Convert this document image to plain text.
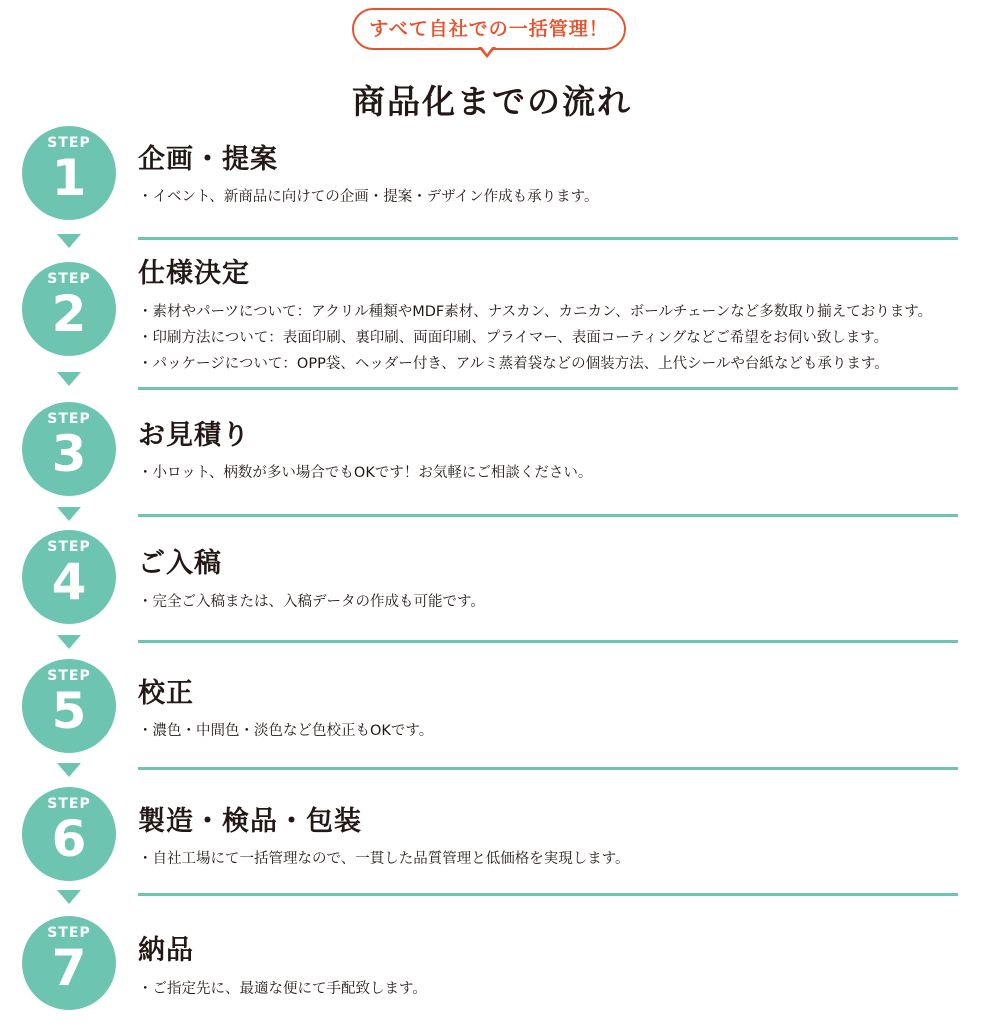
すべて自社での一括管理！
商品化までの流れ
STEP
1	企画・提案
・ イベント、新商品に向けての企画・提案・デザイン作成も承ります。
STEP
2
仕様決定
・ 素材やパーツについて：アクリル種類やMDF素材、ナスカン、カニカン、ボールチェーンなど多数取り揃えております。
・ 印刷方法について：表面印刷、裏印刷、両面印刷、プライマー、表面コーティングなどご希望をお伺い致します。
・ パッケージについて：OPP袋、ヘッダー付き、アルミ蒸着袋などの個装方法、上代シールや台紙なども承ります。
STEP
3	お見積り
・ 小ロット、柄数が多い場合でもOKです！お気軽にご相談ください。
STEP
4	ご入稿
・ 完全ご入稿または、入稿データの作成も可能です。
STEP
5	校正
・ 濃色・中間色・淡色など色校正もOKです。
STEP
6	製造・検品・包装
・ 自社工場にて一括管理なので、一貫した品質管理と低価格を実現します。
STEP
7	納品
・ ご指定先に、最適な便にて手配致します。
